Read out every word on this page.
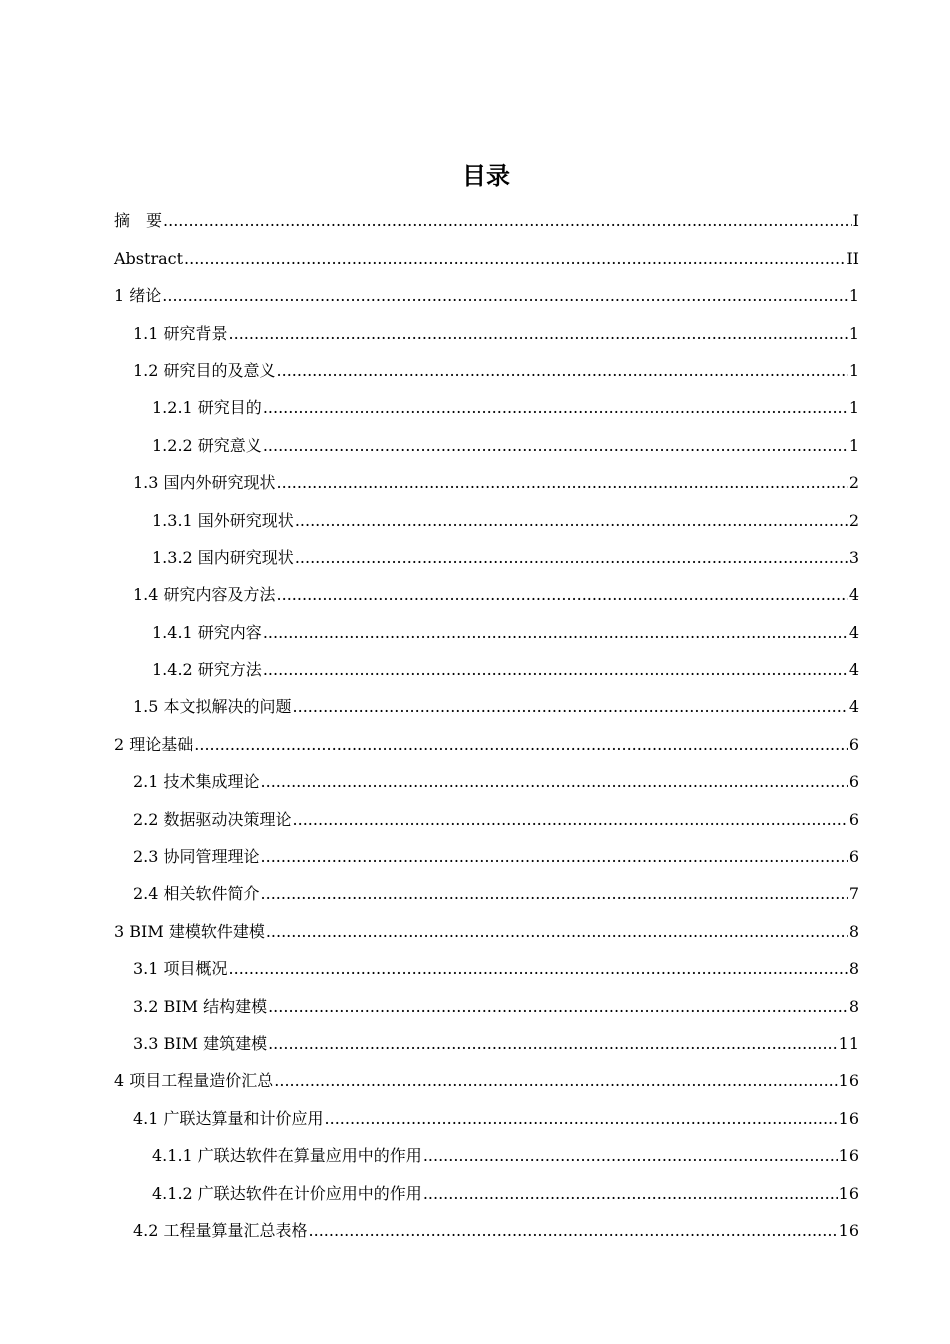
目录
摘　要 .....	I
Abstract .....	II
1 绪论 .....	1
1.1 研究背景 .....	1
1.2 研究目的及意义 .....	1
1.2.1 研究目的 .....	1
1.2.2 研究意义 .....	1
1.3 国内外研究现状 .....	2
1.3.1 国外研究现状 .....	2
1.3.2 国内研究现状 .....	3
1.4 研究内容及方法 .....	4
1.4.1 研究内容 .....	4
1.4.2 研究方法 .....	4
1.5 本文拟解决的问题 .....	4
2 理论基础 .....	6
2.1 技术集成理论 .....	6
2.2 数据驱动决策理论 .....	6
2.3 协同管理理论 .....	6
2.4 相关软件简介 .....	7
3 BIM 建模软件建模 .....	8
3.1 项目概况 .....	8
3.2 BIM 结构建模 .....	8
3.3 BIM 建筑建模 .....	11
4 项目工程量造价汇总 .....	16
4.1 广联达算量和计价应用 .....	16
4.1.1 广联达软件在算量应用中的作用 .....	16
4.1.2 广联达软件在计价应用中的作用 .....	16
4.2 工程量算量汇总表格 .....	16
